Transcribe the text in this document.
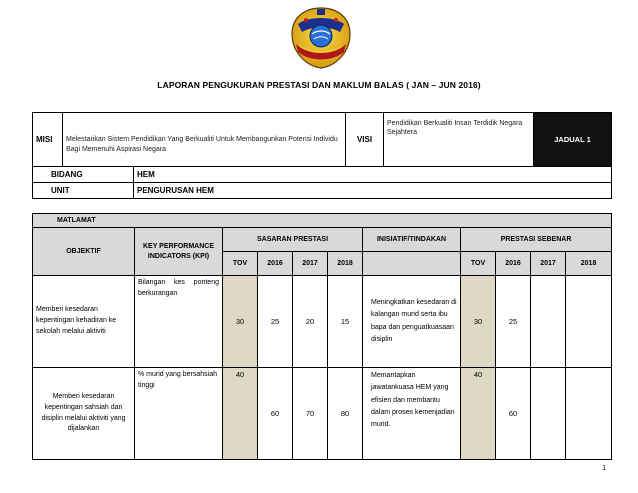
LAPORAN PENGUKURAN PRESTASI DAN MAKLUM BALAS ( JAN – JUN 2016)
MISI	Melestarikan Sistem Pendidikan Yang Berkualiti Untuk Membangunkan Potensi Individu Bagi Memenuhi Aspirasi Negara		VISI	Pendidikan Berkualiti Insan Terdidik Negara Sejahtera	JADUAL 1
BIDANG		HEM			
UNIT		PENGURUSAN HEM			
MATLAMAT										
OBJEKTIF	KEY PERFORMANCE INDICATORS (KPI)	SASARAN PRESTASI				INISIATIF/TINDAKAN	PRESTASI SEBENAR			
		TOV	2016	2017	2018		TOV	2016	2017	2018
Memberi kesedaran kepentingan kehadiran ke sekolah melalui aktiviti	Bilangan kes ponteng berkurangan	30	25	20	15	Meningkatkan kesedaran di kalangan murid serta ibu bapa dan penguatkuasaan disiplin	30	25		
Memberi kesedaran kepentingan sahsiah dan disiplin melalui aktiviti yang dijalankan	% murid yang bersahsiah tinggi	40	60	70	80	Memantapkan jawatankuasa HEM yang efisien dan membantu dalam proses kemenjadian murid.	40	60		
1
